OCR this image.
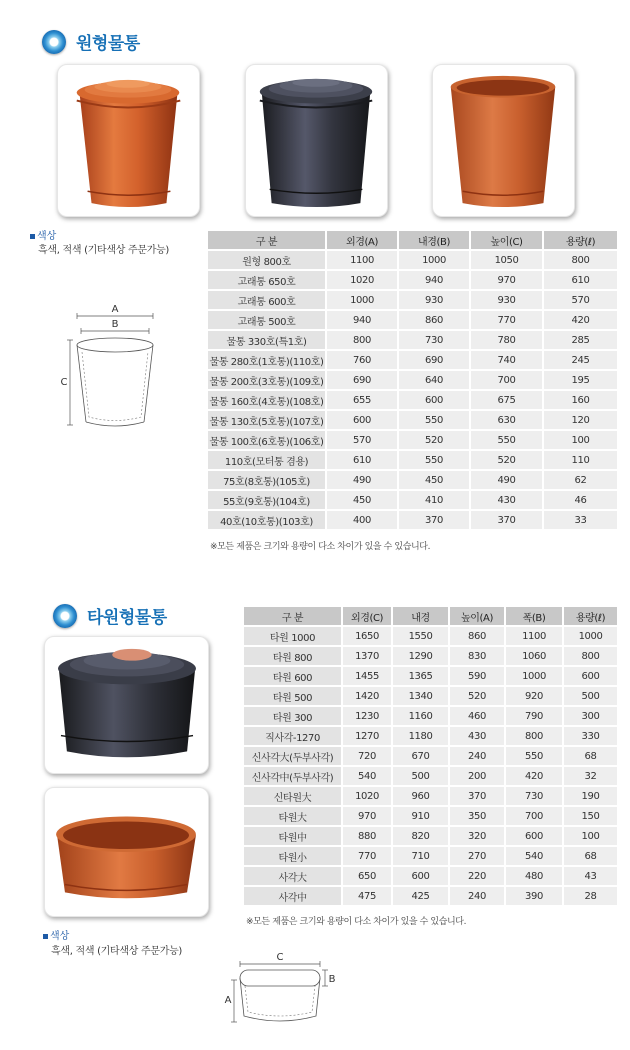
원형물통
색상
흑색, 적색 (기타색상 주문가능)
A
B
C
구 분	외경(A)	내경(B)	높이(C)	용량(ℓ)
원형 800호	1100	1000	1050	800
고래통 650호	1020	940	970	610
고래통 600호	1000	930	930	570
고래통 500호	940	860	770	420
물통 330호(특1호)	800	730	780	285
물통 280호(1호통)(110호)	760	690	740	245
물통 200호(3호통)(109호)	690	640	700	195
물통 160호(4호통)(108호)	655	600	675	160
물통 130호(5호통)(107호)	600	550	630	120
물통 100호(6호통)(106호)	570	520	550	100
110호(모터통 겸용)	610	550	520	110
75호(8호통)(105호)	490	450	490	62
55호(9호통)(104호)	450	410	430	46
40호(10호통)(103호)	400	370	370	33
※모든 제품은 크기와 용량이 다소 차이가 있을 수 있습니다.
타원형물통
색상
흑색, 적색 (기타색상 주문가능)
C
B
A
구 분	외경(C)	내경	높이(A)	폭(B)	용량(ℓ)
타원 1000	1650	1550	860	1100	1000
타원 800	1370	1290	830	1060	800
타원 600	1455	1365	590	1000	600
타원 500	1420	1340	520	920	500
타원 300	1230	1160	460	790	300
직사각-1270	1270	1180	430	800	330
신사각大(두부사각)	720	670	240	550	68
신사각中(두부사각)	540	500	200	420	32
신타원大	1020	960	370	730	190
타원大	970	910	350	700	150
타원中	880	820	320	600	100
타원小	770	710	270	540	68
사각大	650	600	220	480	43
사각中	475	425	240	390	28
※모든 제품은 크기와 용량이 다소 차이가 있을 수 있습니다.
